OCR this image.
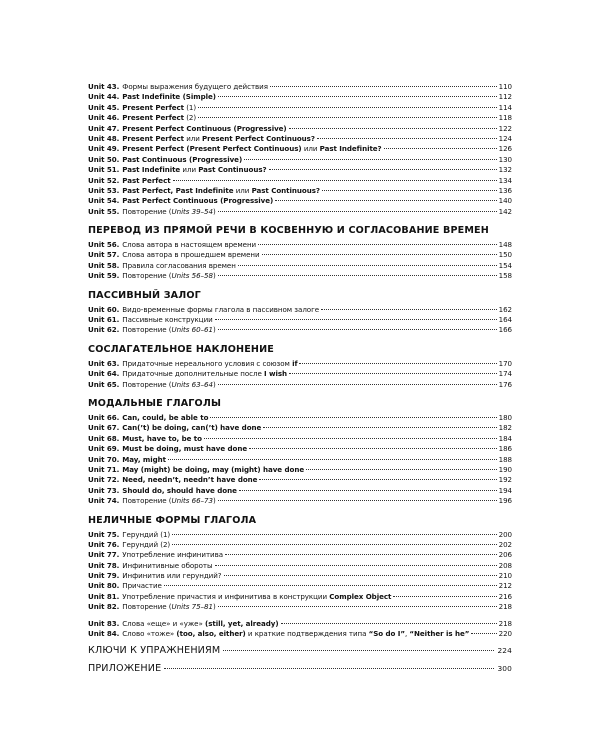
Unit 43. Формы выражения будущего действия	110
Unit 44. Past Indefinite (Simple)	112
Unit 45. Present Perfect (1)	114
Unit 46. Present Perfect (2)	118
Unit 47. Present Perfect Continuous (Progressive)	122
Unit 48. Present Perfect или Present Perfect Continuous?	124
Unit 49. Present Perfect (Present Perfect Continuous) или Past Indefinite?	126
Unit 50. Past Continuous (Progressive)	130
Unit 51. Past Indefinite или Past Continuous?	132
Unit 52. Past Perfect	134
Unit 53. Past Perfect, Past Indefinite или Past Continuous?	136
Unit 54. Past Perfect Continuous (Progressive)	140
Unit 55. Повторение (Units 39–54)	142
ПЕРЕВОД ИЗ ПРЯМОЙ РЕЧИ В КОСВЕННУЮ И СОГЛАСОВАНИЕ ВРЕМЕН
Unit 56. Слова автора в настоящем времени	148
Unit 57. Слова автора в прошедшем времени	150
Unit 58. Правила согласования времен	154
Unit 59. Повторение (Units 56–58)	158
ПАССИВНЫЙ ЗАЛОГ
Unit 60. Видо-временные формы глагола в пассивном залоге	162
Unit 61. Пассивные конструкции	164
Unit 62. Повторение (Units 60–61)	166
СОСЛАГАТЕЛЬНОЕ НАКЛОНЕНИЕ
Unit 63. Придаточные нереального условия с союзом if	170
Unit 64. Придаточные дополнительные после I wish	174
Unit 65. Повторение (Units 63–64)	176
МОДАЛЬНЫЕ ГЛАГОЛЫ
Unit 66. Can, could, be able to	180
Unit 67. Can(’t) be doing, can(’t) have done	182
Unit 68. Must, have to, be to	184
Unit 69. Must be doing, must have done	186
Unit 70. May, might	188
Unit 71. May (might) be doing, may (might) have done	190
Unit 72. Need, needn’t, needn’t have done	192
Unit 73. Should do, should have done	194
Unit 74. Повторение (Units 66–73)	196
НЕЛИЧНЫЕ ФОРМЫ ГЛАГОЛА
Unit 75. Герундий (1)	200
Unit 76. Герундий (2)	202
Unit 77. Употребление инфинитива	206
Unit 78. Инфинитивные обороты	208
Unit 79. Инфинитив или герундий?	210
Unit 80. Причастие	212
Unit 81. Употребление причастия и инфинитива в конструкции Complex Object	216
Unit 82. Повторение (Units 75–81)	218
Unit 83. Слова «еще» и «уже» (still, yet, already)	218
Unit 84. Слово «тоже» (too, also, either) и краткие подтверждения типа “So do I”, “Neither is he”	220
КЛЮЧИ К УПРАЖНЕНИЯМ	224
ПРИЛОЖЕНИЕ	300
